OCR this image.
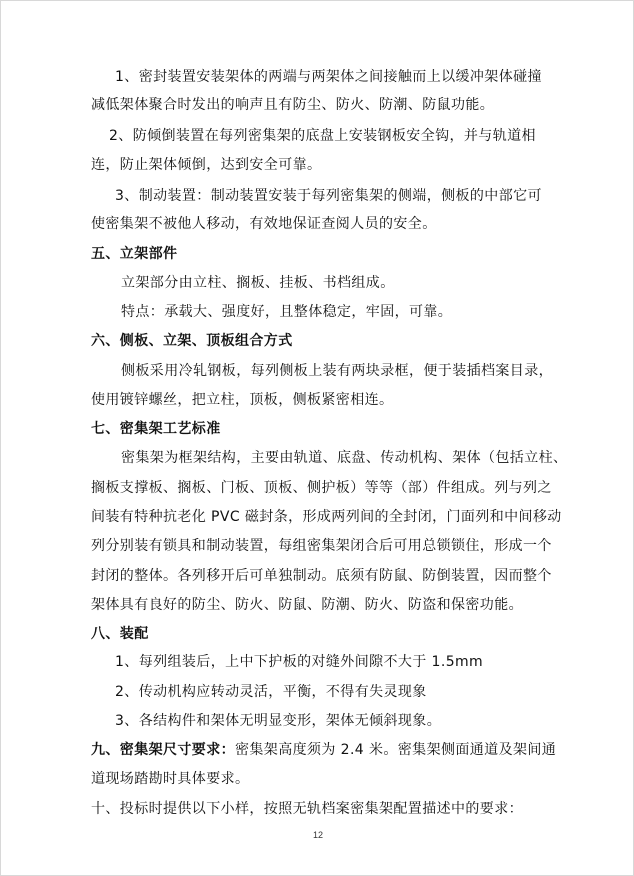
1、密封装置安装架体的两端与两架体之间接触而上以缓冲架体碰撞
减低架体聚合时发出的响声且有防尘、防火、防潮、防鼠功能。
2、防倾倒装置在每列密集架的底盘上安装钢板安全钩，并与轨道相
连，防止架体倾倒，达到安全可靠。
3、制动装置：制动装置安装于每列密集架的侧端，侧板的中部它可
使密集架不被他人移动，有效地保证查阅人员的安全。
五、立架部件
立架部分由立柱、搁板、挂板、书档组成。
特点：承载大、强度好，且整体稳定，牢固，可靠。
六、侧板、立架、顶板组合方式
侧板采用冷轧钢板，每列侧板上装有两块录框，便于装插档案目录，
使用镀锌螺丝，把立柱，顶板，侧板紧密相连。
七、密集架工艺标准
密集架为框架结构，主要由轨道、底盘、传动机构、架体（包括立柱、
搁板支撑板、搁板、门板、顶板、侧护板）等等（部）件组成。列与列之
间装有特种抗老化 PVC 磁封条，形成两列间的全封闭，门面列和中间移动
列分别装有锁具和制动装置，每组密集架闭合后可用总锁锁住，形成一个
封闭的整体。各列移开后可单独制动。底须有防鼠、防倒装置，因而整个
架体具有良好的防尘、防火、防鼠、防潮、防火、防盗和保密功能。
八、装配
1、每列组装后，上中下护板的对缝外间隙不大于 1.5mm
2、传动机构应转动灵活，平衡，不得有失灵现象
3、各结构件和架体无明显变形，架体无倾斜现象。
九、密集架尺寸要求：密集架高度须为 2.4 米。密集架侧面通道及架间通
道现场踏勘时具体要求。
十、投标时提供以下小样，按照无轨档案密集架配置描述中的要求：
12
